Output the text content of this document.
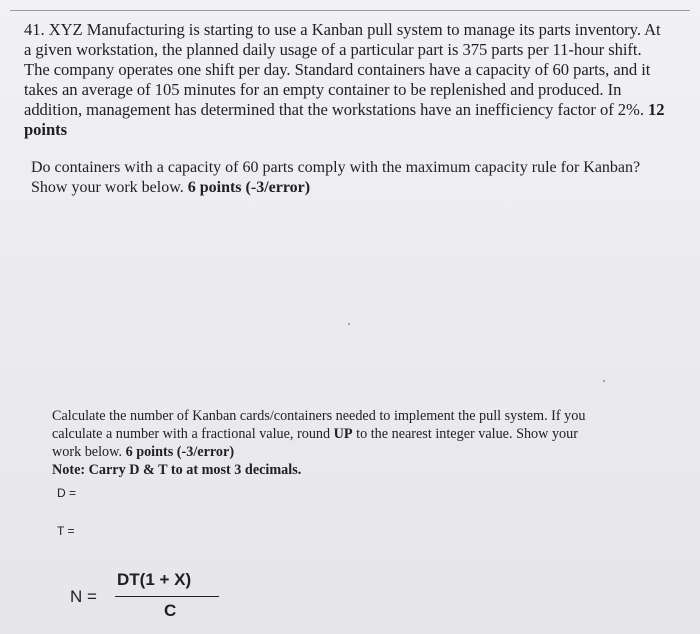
41. XYZ Manufacturing is starting to use a Kanban pull system to manage its parts inventory. At
a given workstation, the planned daily usage of a particular part is 375 parts per 11-hour shift.
The company operates one shift per day. Standard containers have a capacity of 60 parts, and it
takes an average of 105 minutes for an empty container to be replenished and produced. In
addition, management has determined that the workstations have an inefficiency factor of 2%. 12
points
Do containers with a capacity of 60 parts comply with the maximum capacity rule for Kanban?
Show your work below. 6 points (-3/error)
Calculate the number of Kanban cards/containers needed to implement the pull system. If you
calculate a number with a fractional value, round UP to the nearest integer value. Show your
work below. 6 points (-3/error)
Note: Carry D & T to at most 3 decimals.
D =
T =
N =
DT(1 + X)
C
